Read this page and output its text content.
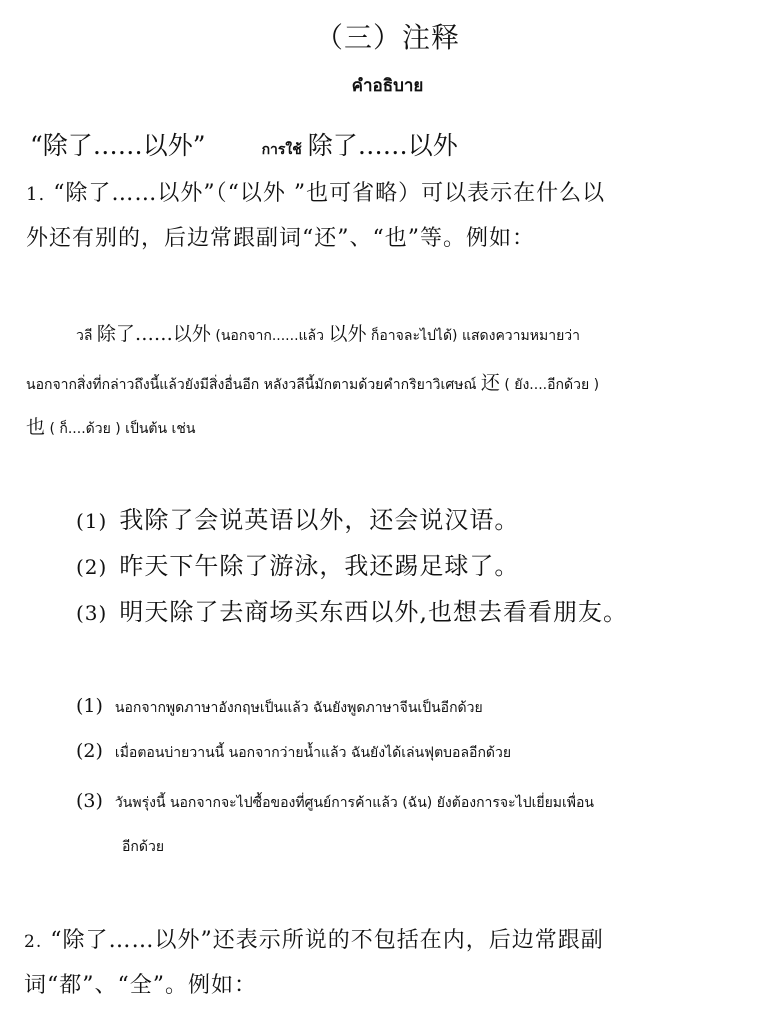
（三）注释
คำอธิบาย
“除了……以外”	การใช้ 除了……以外
1. “除了……以外”（“以外 ”也可省略）可以表示在什么以
外还有别的，后边常跟副词“还”、“也”等。例如：
วลี 除了……以外 (นอกจาก......แล้ว 以外 ก็อาจละไปได้) แสดงความหมายว่า
นอกจากสิ่งที่กล่าวถึงนี้แล้วยังมีสิ่งอื่นอีก หลังวลีนี้มักตามด้วยคำกริยาวิเศษณ์ 还 ( ยัง....อีกด้วย )
也 ( ก็....ด้วย ) เป็นต้น เช่น
(1) 我除了会说英语以外，还会说汉语。
(2) 昨天下午除了游泳，我还踢足球了。
(3) 明天除了去商场买东西以外,也想去看看朋友。
(1) นอกจากพูดภาษาอังกฤษเป็นแล้ว ฉันยังพูดภาษาจีนเป็นอีกด้วย
(2) เมื่อตอนบ่ายวานนี้ นอกจากว่ายน้ำแล้ว ฉันยังได้เล่นฟุตบอลอีกด้วย
(3) วันพรุ่งนี้ นอกจากจะไปซื้อของที่ศูนย์การค้าแล้ว (ฉัน) ยังต้องการจะไปเยี่ยมเพื่อน
อีกด้วย
2. “除了……以外”还表示所说的不包括在内，后边常跟副
词“都”、“全”。例如：
